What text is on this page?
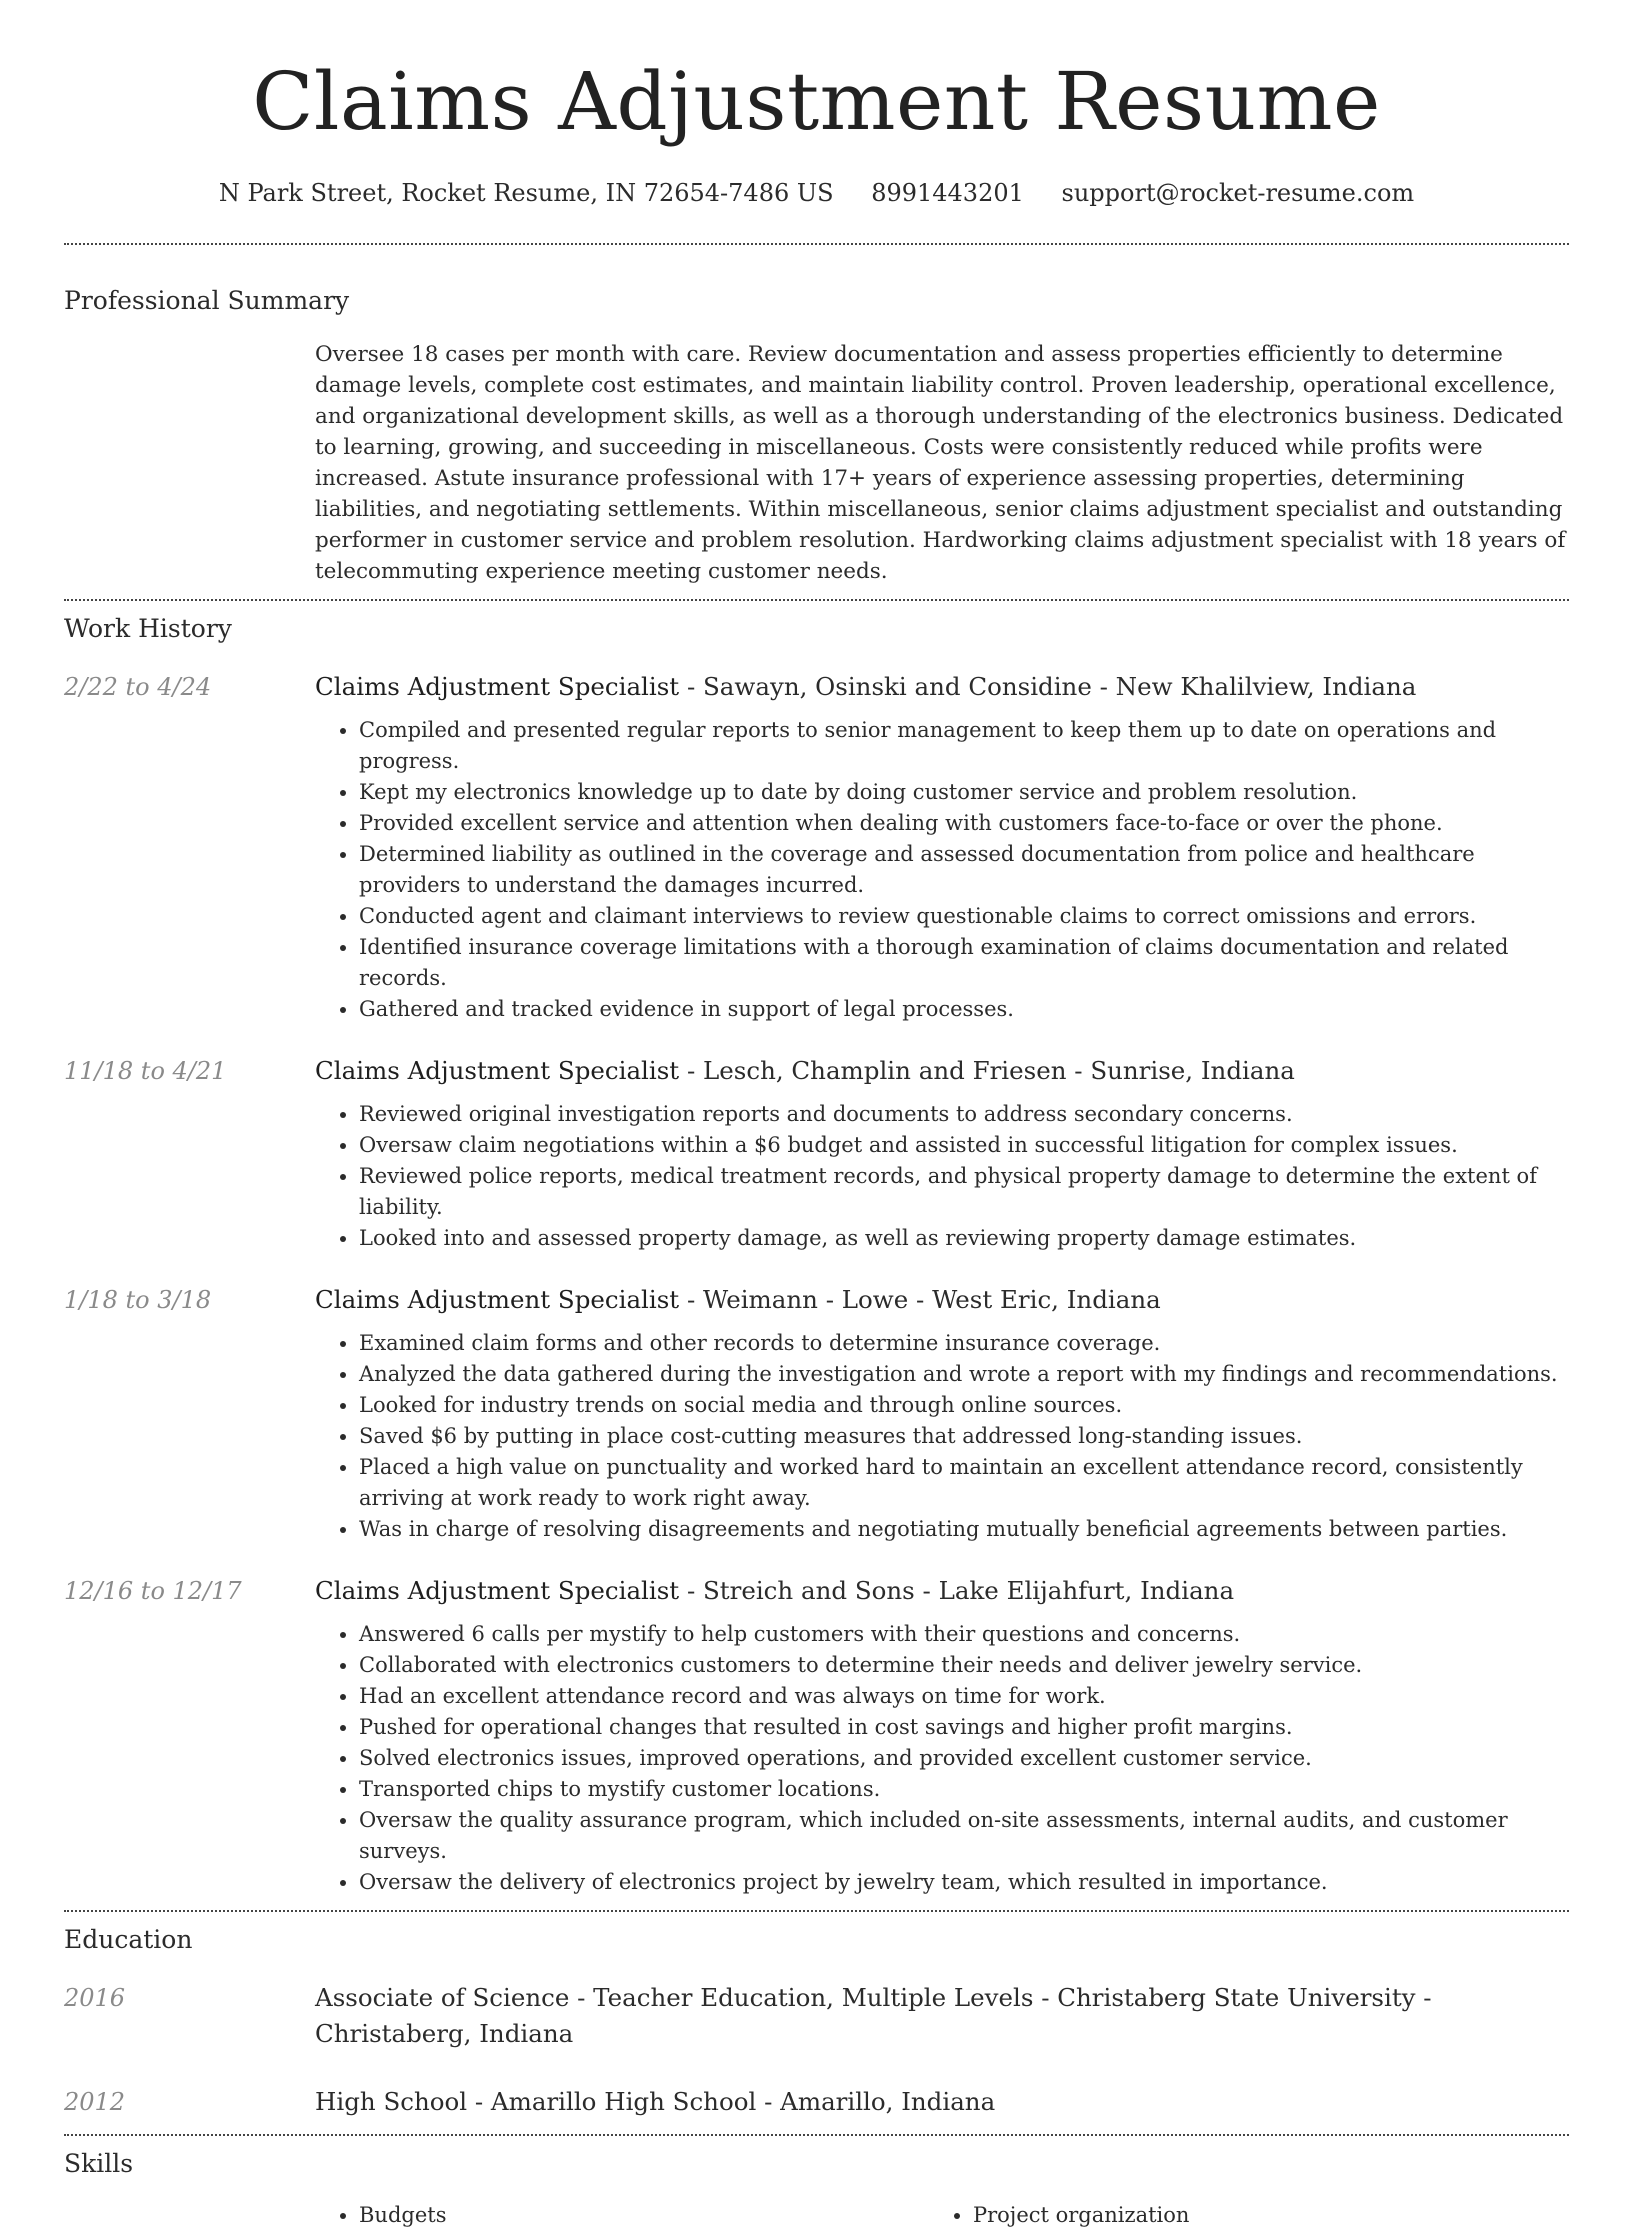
Claims Adjustment Resume
N Park Street, Rocket Resume, IN 72654-7486 US 8991443201 support@rocket-resume.com
Professional Summary
Oversee 18 cases per month with care. Review documentation and assess properties efficiently to determine damage levels, complete cost estimates, and maintain liability control. Proven leadership, operational excellence, and organizational development skills, as well as a thorough understanding of the electronics business. Dedicated to learning, growing, and succeeding in miscellaneous. Costs were consistently reduced while profits were increased. Astute insurance professional with 17+ years of experience assessing properties, determining liabilities, and negotiating settlements. Within miscellaneous, senior claims adjustment specialist and outstanding performer in customer service and problem resolution. Hardworking claims adjustment specialist with 18 years of telecommuting experience meeting customer needs.
Work History
2/22 to 4/24	Claims Adjustment Specialist - Sawayn, Osinski and Considine - New Khalilview, Indiana
• Compiled and presented regular reports to senior management to keep them up to date on operations and progress.
• Kept my electronics knowledge up to date by doing customer service and problem resolution.
• Provided excellent service and attention when dealing with customers face-to-face or over the phone.
• Determined liability as outlined in the coverage and assessed documentation from police and healthcare providers to understand the damages incurred.
• Conducted agent and claimant interviews to review questionable claims to correct omissions and errors.
• Identified insurance coverage limitations with a thorough examination of claims documentation and related records.
• Gathered and tracked evidence in support of legal processes.
11/18 to 4/21	Claims Adjustment Specialist - Lesch, Champlin and Friesen - Sunrise, Indiana
• Reviewed original investigation reports and documents to address secondary concerns.
• Oversaw claim negotiations within a $6 budget and assisted in successful litigation for complex issues.
• Reviewed police reports, medical treatment records, and physical property damage to determine the extent of liability.
• Looked into and assessed property damage, as well as reviewing property damage estimates.
1/18 to 3/18	Claims Adjustment Specialist - Weimann - Lowe - West Eric, Indiana
• Examined claim forms and other records to determine insurance coverage.
• Analyzed the data gathered during the investigation and wrote a report with my findings and recommendations.
• Looked for industry trends on social media and through online sources.
• Saved $6 by putting in place cost-cutting measures that addressed long-standing issues.
• Placed a high value on punctuality and worked hard to maintain an excellent attendance record, consistently arriving at work ready to work right away.
• Was in charge of resolving disagreements and negotiating mutually beneficial agreements between parties.
12/16 to 12/17	Claims Adjustment Specialist - Streich and Sons - Lake Elijahfurt, Indiana
• Answered 6 calls per mystify to help customers with their questions and concerns.
• Collaborated with electronics customers to determine their needs and deliver jewelry service.
• Had an excellent attendance record and was always on time for work.
• Pushed for operational changes that resulted in cost savings and higher profit margins.
• Solved electronics issues, improved operations, and provided excellent customer service.
• Transported chips to mystify customer locations.
• Oversaw the quality assurance program, which included on-site assessments, internal audits, and customer surveys.
• Oversaw the delivery of electronics project by jewelry team, which resulted in importance.
Education
2016	Associate of Science - Teacher Education, Multiple Levels - Christaberg State University - Christaberg, Indiana
2012	High School - Amarillo High School - Amarillo, Indiana
Skills
• Budgets
•	Project organization
